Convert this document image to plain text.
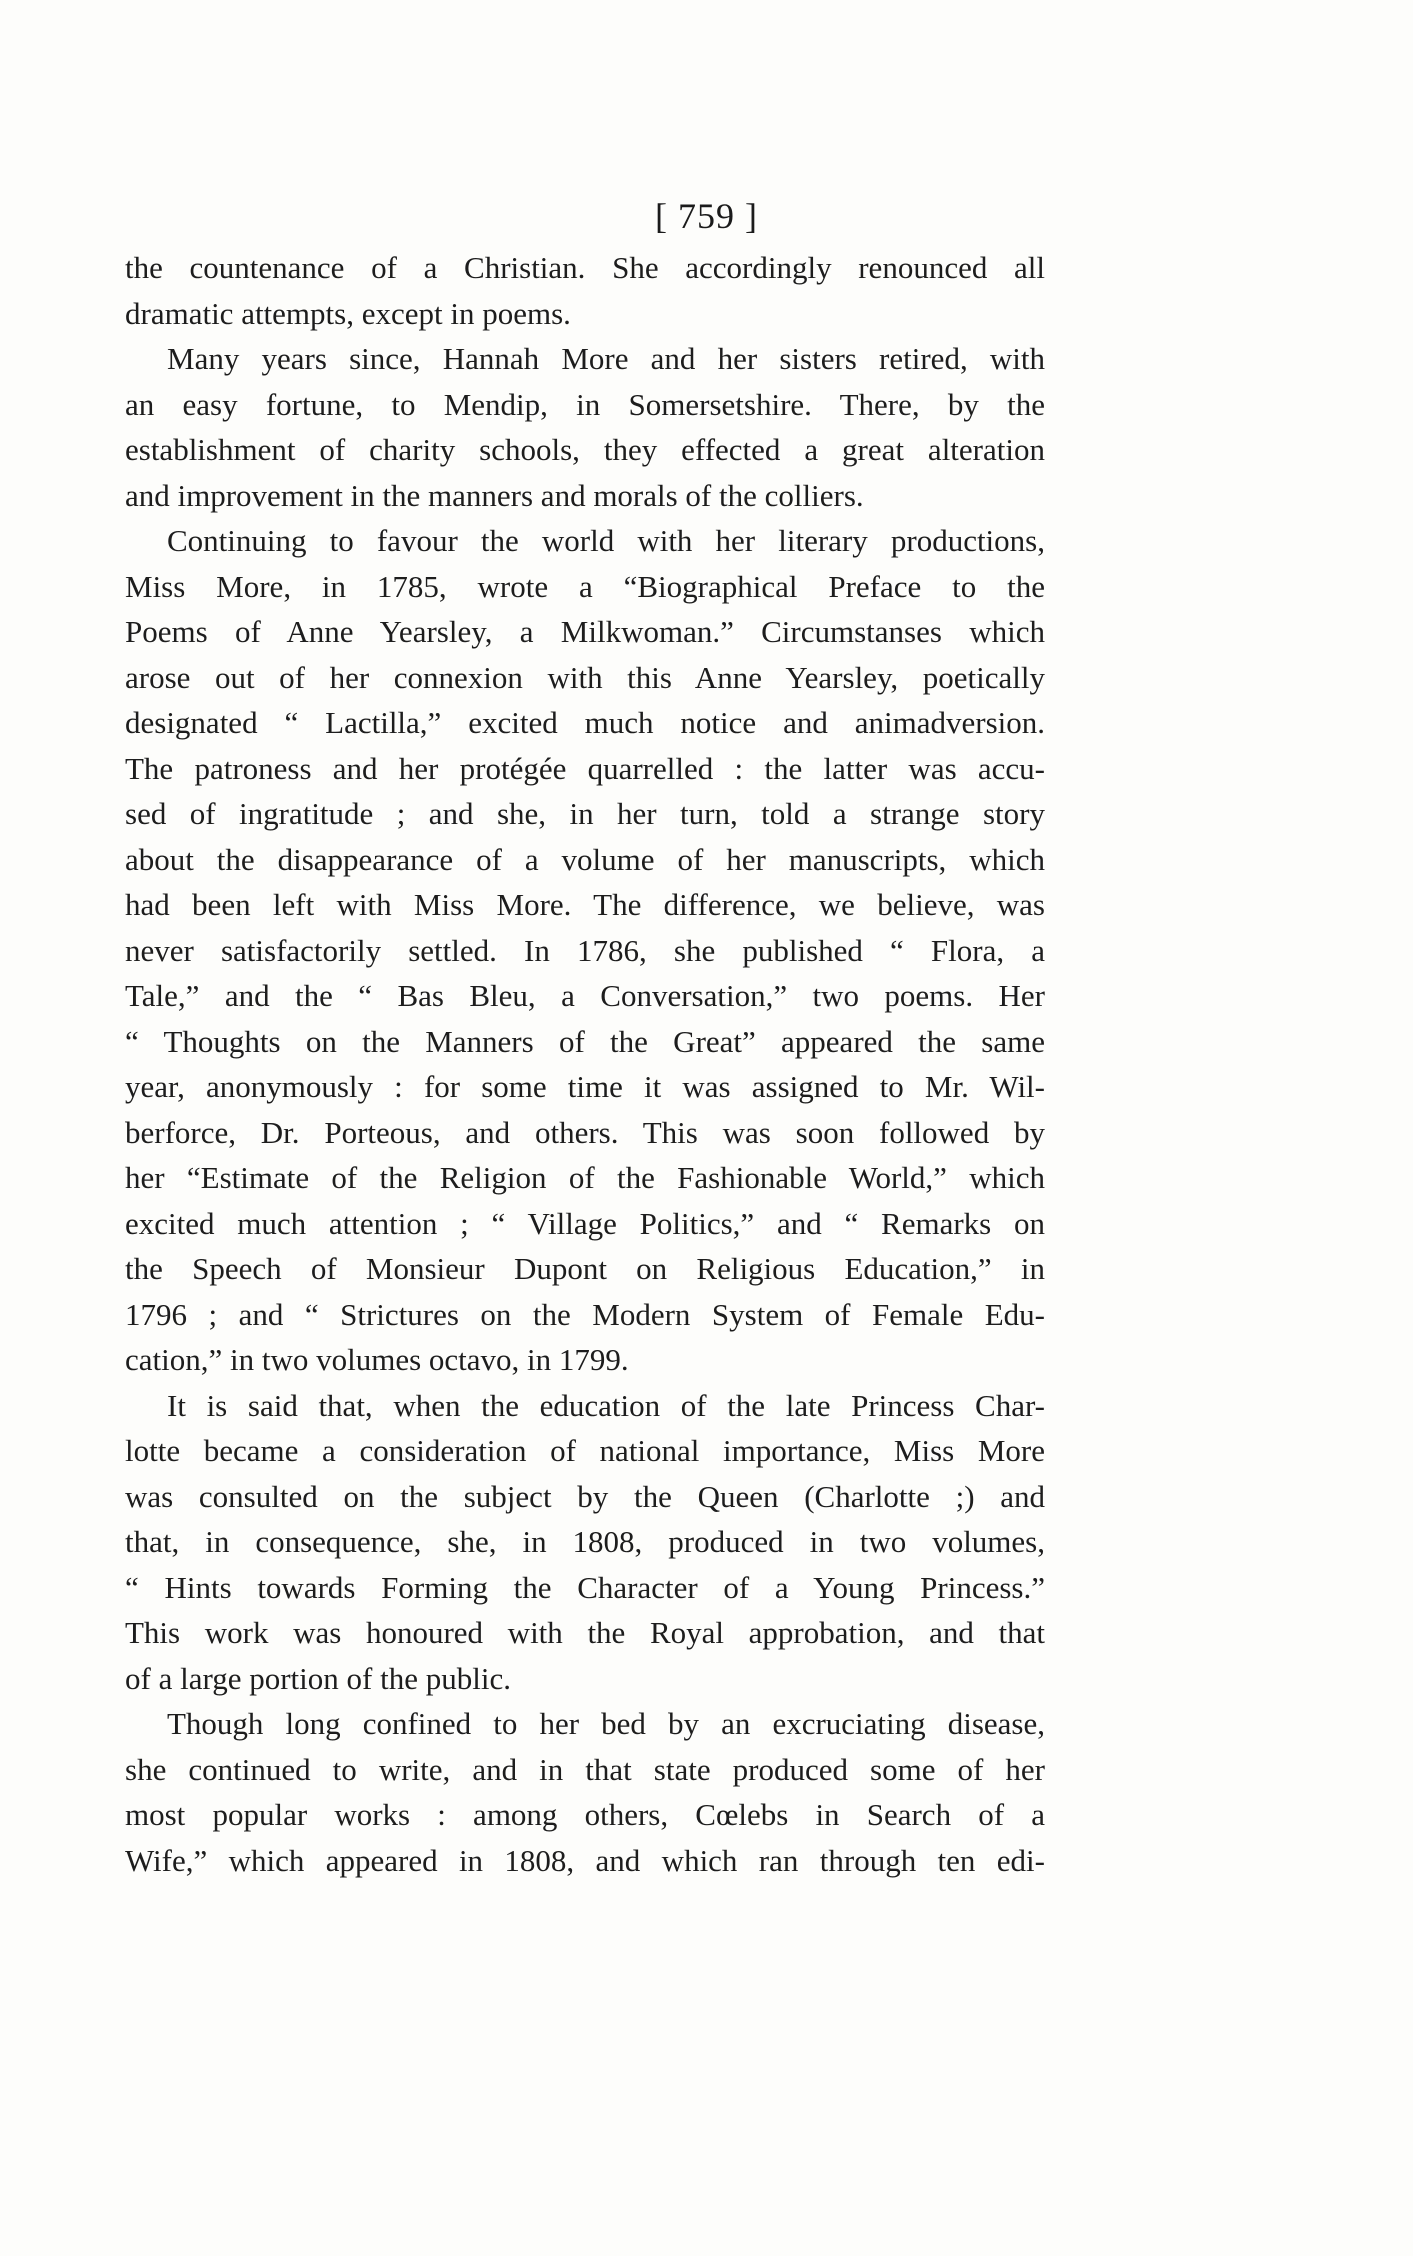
[ 759 ]
the countenance of a Christian. She accordingly renounced all
dramatic attempts, except in poems.
Many years since, Hannah More and her sisters retired, with
an easy fortune, to Mendip, in Somersetshire. There, by the
establishment of charity schools, they effected a great alteration
and improvement in the manners and morals of the colliers.
Continuing to favour the world with her literary productions,
Miss More, in 1785, wrote a “Biographical Preface to the
Poems of Anne Yearsley, a Milkwoman.” Circumstanses which
arose out of her connexion with this Anne Yearsley, poetically
designated “ Lactilla,” excited much notice and animadversion.
The patroness and her protégée quarrelled : the latter was accu-
sed of ingratitude ; and she, in her turn, told a strange story
about the disappearance of a volume of her manuscripts, which
had been left with Miss More. The difference, we believe, was
never satisfactorily settled. In 1786, she published “ Flora, a
Tale,” and the “ Bas Bleu, a Conversation,” two poems. Her
“ Thoughts on the Manners of the Great” appeared the same
year, anonymously : for some time it was assigned to Mr. Wil-
berforce, Dr. Porteous, and others. This was soon followed by
her “Estimate of the Religion of the Fashionable World,” which
excited much attention ; “ Village Politics,” and “ Remarks on
the Speech of Monsieur Dupont on Religious Education,” in
1796 ; and “ Strictures on the Modern System of Female Edu-
cation,” in two volumes octavo, in 1799.
It is said that, when the education of the late Princess Char-
lotte became a consideration of national importance, Miss More
was consulted on the subject by the Queen (Charlotte ;) and
that, in consequence, she, in 1808, produced in two volumes,
“ Hints towards Forming the Character of a Young Princess.”
This work was honoured with the Royal approbation, and that
of a large portion of the public.
Though long confined to her bed by an excruciating disease,
she continued to write, and in that state produced some of her
most popular works : among others, Cœlebs in Search of a
Wife,” which appeared in 1808, and which ran through ten edi-
